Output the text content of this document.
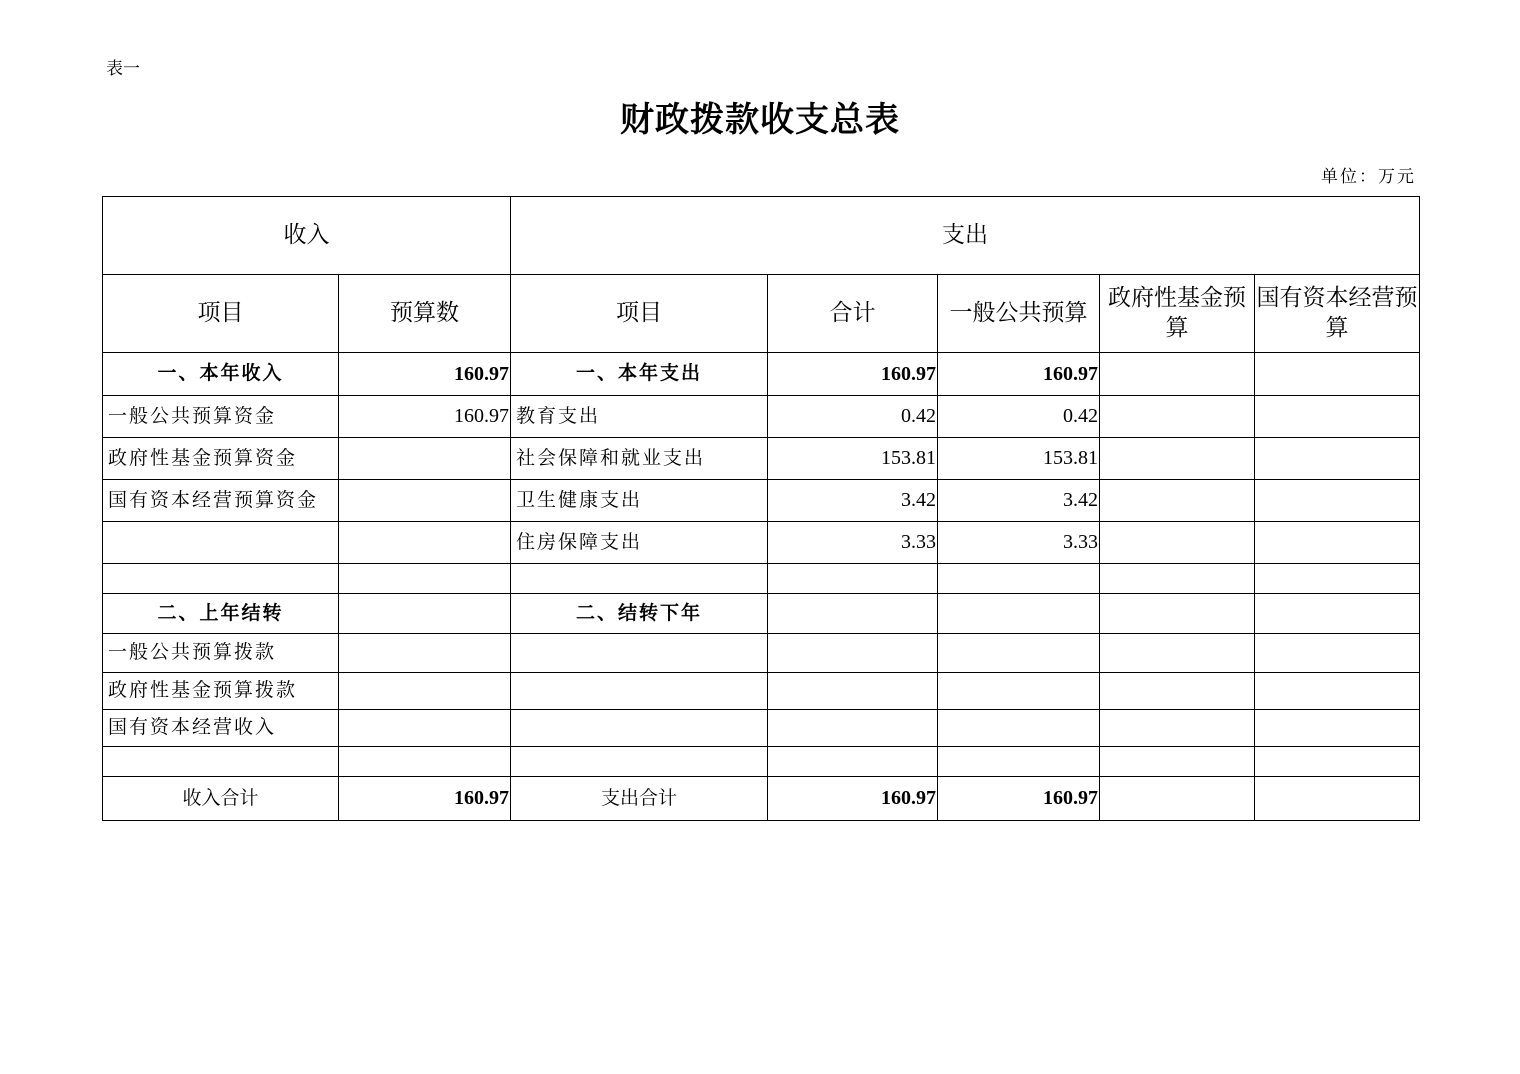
表一
财政拨款收支总表
单位：万元
收入		支出				
项目	预算数	项目	合计	一般公共预算	政府性基金预算	国有资本经营预算
一、本年收入	160.97	一、本年支出	160.97	160.97		
一般公共预算资金	160.97	教育支出	0.42	0.42		
政府性基金预算资金		社会保障和就业支出	153.81	153.81		
国有资本经营预算资金		卫生健康支出	3.42	3.42		
		住房保障支出	3.33	3.33		

二、上年结转		二、结转下年				
一般公共预算拨款						
政府性基金预算拨款						
国有资本经营收入						

收入合计	160.97	支出合计	160.97	160.97		
